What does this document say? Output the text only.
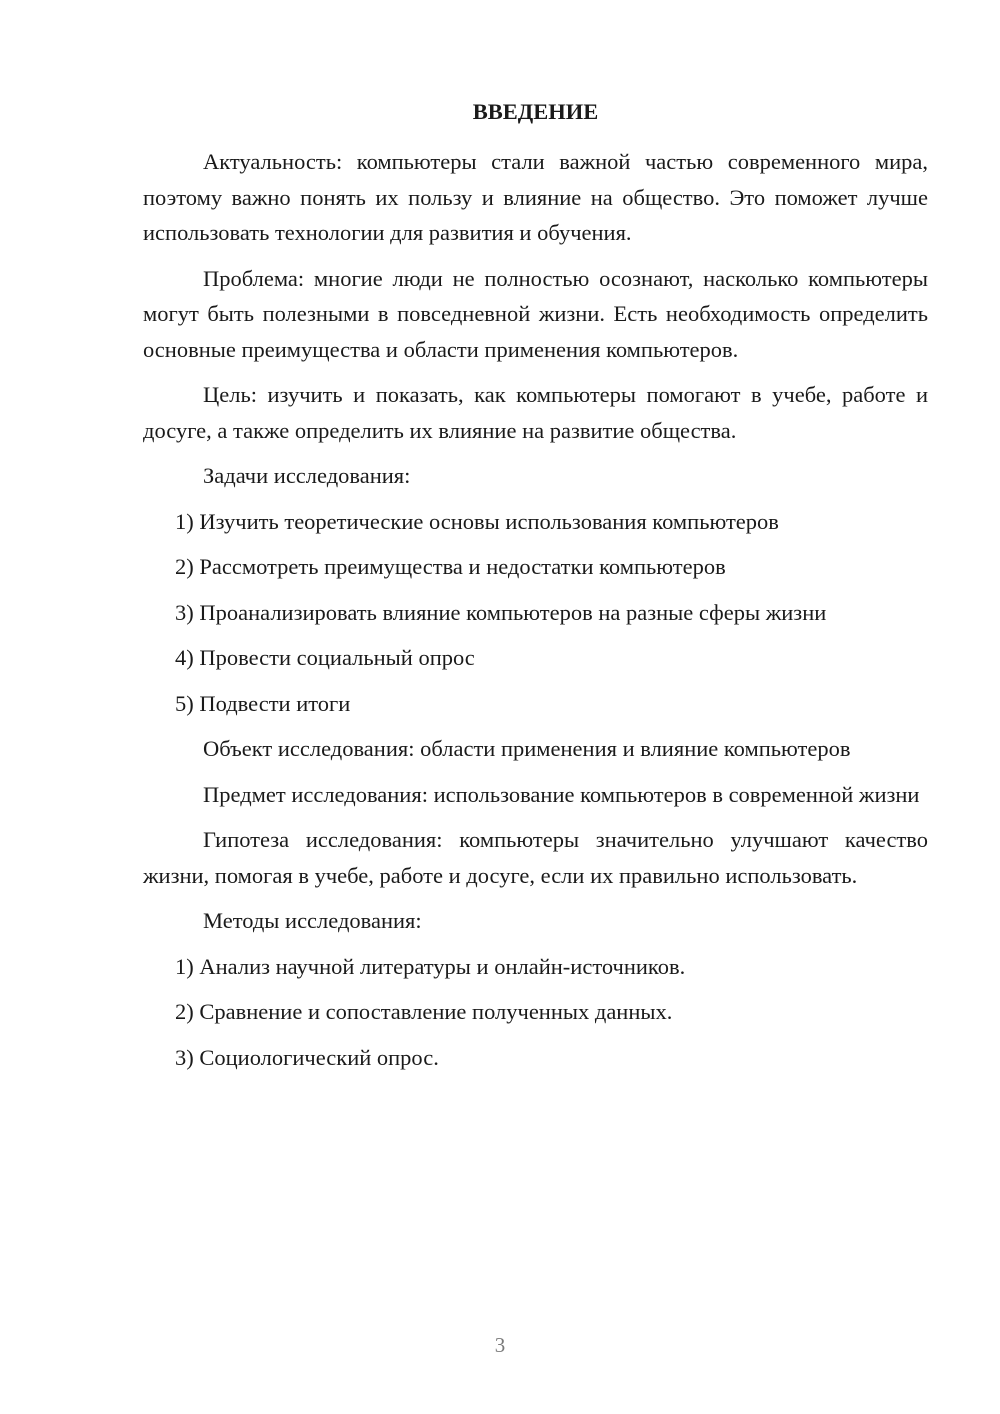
ВВЕДЕНИЕ

Актуальность: компьютеры стали важной частью современного мира, поэтому важно понять их пользу и влияние на общество. Это поможет лучше использовать технологии для развития и обучения.

Проблема: многие люди не полностью осознают, насколько компьютеры могут быть полезными в повседневной жизни. Есть необходимость определить основные преимущества и области применения компьютеров.

Цель: изучить и показать, как компьютеры помогают в учебе, работе и досуге, а также определить их влияние на развитие общества.

Задачи исследования:
1) Изучить теоретические основы использования компьютеров
2) Рассмотреть преимущества и недостатки компьютеров
3) Проанализировать влияние компьютеров на разные сферы жизни
4) Провести социальный опрос
5) Подвести итоги
Объект исследования: области применения и влияние компьютеров

Предмет исследования: использование компьютеров в современной жизни

Гипотеза исследования: компьютеры значительно улучшают качество жизни, помогая в учебе, работе и досуге, если их правильно использовать.

Методы исследования:
1) Анализ научной литературы и онлайн-источников.
2) Сравнение и сопоставление полученных данных.
3) Социологический опрос.
3
